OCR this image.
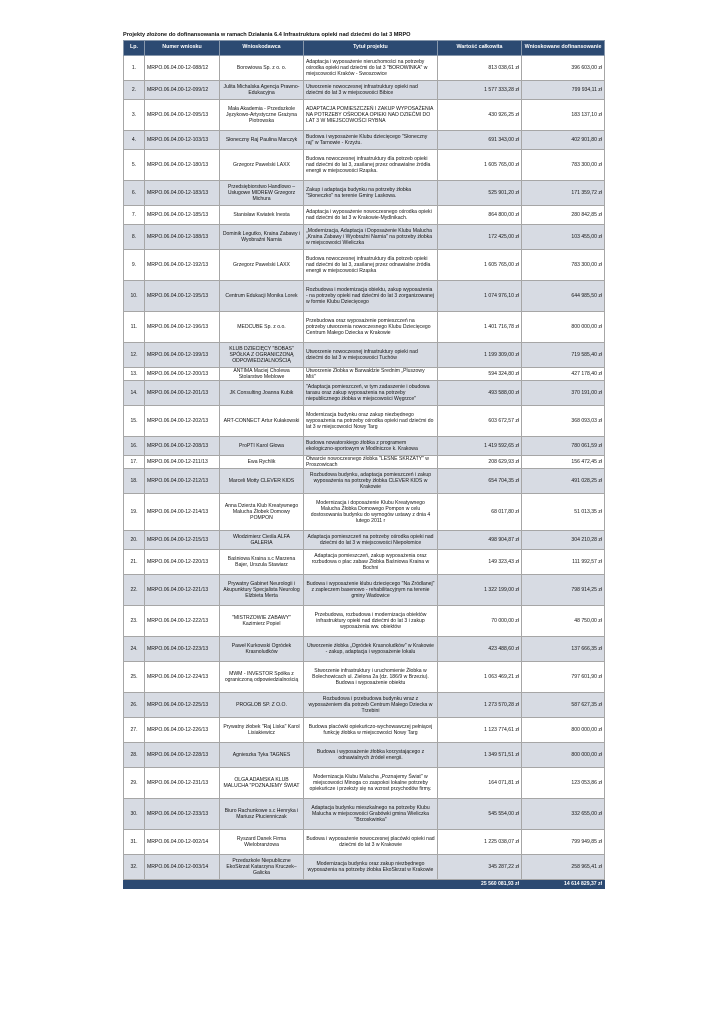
Projekty złożone do dofinansowania w ramach Działania 6.4 Infrastruktura opieki nad dziećmi do lat 3 MRPO
Lp.	Numer wniosku	Wnioskodawca	Tytuł projektu	Wartość całkowita	Wnioskowane dofinansowanie
1.	MRPO.06.04.00-12-088/12	Borowiowa Sp. z o. o.	Adaptacja i wyposażenie nieruchomości na potrzeby ośrodka opieki nad dziećmi do lat 3 "BOROWINKA" w miejscowości Kraków - Swoszowice	813 038,61 zł	396 603,00 zł
2.	MRPO.06.04.00-12-099/12	Julita Michalska Agencja Prawno-Edukacyjna	Utworzenie nowoczesnej infrastruktury opieki nad dziećmi do lat 3 w miejscowości Bibice	1 577 333,28 zł	799 934,11 zł
3.	MRPO.06.04.00-12-095/13	Mała Akademia - Przedszkole Językowo-Artystyczne Grażyna Piotrowska	ADAPTACJA POMIESZCZEŃ I ZAKUP WYPOSAŻENIA NA POTRZEBY OŚRODKA OPIEKI NAD DZIEĆMI DO LAT 3 W MIEJSCOWOŚCI RYBNA	430 926,25 zł	183 137,10 zł
4.	MRPO.06.04.00-12-103/13	Słoneczny Raj Paulina Marczyk	Budowa i wyposażenie Klubu dziecięcego "Słoneczny raj" w Tarnowie - Krzyżu.	691 343,00 zł	402 901,80 zł
5.	MRPO.06.04.00-12-180/13	Grzegorz Pawelski LAXX	Budowa nowoczesnej infrastruktury dla potrzeb opieki nad dziećmi do lat 3, zasilanej przez odnawialne źródła energii w miejscowości Rząska.	1 605 765,00 zł	783 300,00 zł
6.	MRPO.06.04.00-12-183/13	Przedsiębiorstwo Handlowo – Usługowe MIDREW Grzegorz Michura	Zakup i adaptacja budynku na potrzeby żłobka "Słoneczko" na terenie Gminy Laskowa.	525 901,20 zł	171 359,72 zł
7.	MRPO.06.04.00-12-185/13	Stanisław Kwiatek Inesta	Adaptacja i wyposażenie nowoczesnego ośrodka opieki nad dziećmi do lat 3 w Krakowie-Mydlnikach.	864 800,00 zł	280 842,85 zł
8.	MRPO.06.04.00-12-188/13	Dominik Legutko, Kraina Zabawy i Wyobraźni Narnia	„Modernizacja, Adaptacja i Doposażenie Klubu Malucha „Kraina Zabawy i Wyobraźni Narnia" na potrzeby żłobka w miejscowości Wieliczka	172 425,00 zł	103 455,00 zł
9.	MRPO.06.04.00-12-192/13	Grzegorz Pawelski LAXX	Budowa nowoczesnej infrastruktury dla potrzeb opieki nad dziećmi do lat 3, zasilanej przez odnawialne źródła energii w miejscowości Rząska	1 605 765,00 zł	783 300,00 zł
10.	MRPO.06.04.00-12-195/13	Centrum Edukacji Monika Lorek	Rozbudowa i modernizacja obiektu, zakup wyposażenia - na potrzeby opieki nad dziećmi do lat 3 zorganizowanej w formie Klubu Dziecięcego	1 074 976,10 zł	644 985,50 zł
11.	MRPO.06.04.00-12-196/13	MEDCUBE Sp. z o.o.	Przebudowa oraz wyposażenie pomieszczeń na potrzeby utworzenia nowoczesnego Klubu Dziecięcego Centrum Małego Dziecka w Krakowie	1 401 716,78 zł	800 000,00 zł
12.	MRPO.06.04.00-12-199/13	KLUB DZIECIĘCY "BOBAS" SPÓŁKA Z OGRANICZONĄ ODPOWIEDZIALNOŚCIĄ	Utworzenie nowoczesnej infrastruktury opieki nad dziećmi do lat 3 w miejscowości Tuchów	1 199 309,00 zł	719 585,40 zł
13.	MRPO.06.04.00-12-200/13	ANTIMA Maciej Cholewa Stolarstwo Meblowe	Utworzenie Żłobka w Barwałdzie Średnim „Pluszowy Miś"	594 324,80 zł	427 178,40 zł
14.	MRPO.06.04.00-12-201/13	JK Consulting Joanna Kubik	"Adaptacja pomieszczeń, w tym zadaszenie i obudowa tarasu oraz zakup wyposażenia na potrzeby niepublicznego żłobka w miejscowości Węgrzce"	493 588,00 zł	370 191,00 zł
15.	MRPO.06.04.00-12-202/13	ART-CONNECT Artur Kułakowski	Modernizacja budynku oraz zakup niezbędnego wyposażenia na potrzeby ośrodka opieki nad dziećmi do lat 3 w miejscowości Nowy Targ	603 672,57 zł	368 093,03 zł
16.	MRPO.06.04.00-12-208/13	ProPTI Karol Głowa	Budowa nowatorskiego żłobka z programem ekologiczno-sportowym w Modlniczce k. Krakowa	1 419 592,65 zł	780 061,59 zł
17.	MRPO.06.04.00-12-211/13	Ewa Rychlik	Otwarcie nowoczesnego żłobka "LEŚNE SKRZATY" w Proszowicach	208 629,93 zł	156 472,45 zł
18.	MRPO.06.04.00-12-212/13	Marceli Motty CLEVER KIDS	Rozbudowa budynku, adaptacja pomieszczeń i zakup wyposażenia na potrzeby żłobka CLEVER KIDS w Krakowie	654 704,35 zł	491 028,25 zł
19.	MRPO.06.04.00-12-214/13	Anna Dzierża Klub Kreatywnego Malucha Żłobek Domowy POMPON	Modernizacja i doposażenie Klubu Kreatywnego Malucha Żłobka Domowego Pompon w celu dostosowania budynku do wymogów ustawy z dnia 4 lutego 2011 r	68 017,80 zł	51 013,35 zł
20.	MRPO.06.04.00-12-215/13	Włodzimierz Cieśla ALFA GALERIA	Adaptacja pomieszczeń na potrzeby ośrodka opieki nad dziećmi do lat 3 w miejscowości Niepołomice	498 904,87 zł	304 210,28 zł
21.	MRPO.06.04.00-12-220/13	Baśniowa Kraina s.c Marzena Bajer, Urszula Stawiarz	Adaptacja pomieszczeń, zakup wyposażenia oraz rozbudowa o plac zabaw Żłobka Baśniowa Kraina w Bochni	149 323,43 zł	111 992,57 zł
22.	MRPO.06.04.00-12-221/13	Prywatny Gabinet Neurologii i Akupunktury Specjalista Neurolog Elżbieta Merta	Budowa i wyposażenie klubu dziecięcego "Na Zródlanej" z zapleczem basenowo - rehabilitacyjnym na terenie gminy Wadowice	1 322 199,00 zł	798 914,25 zł
23.	MRPO.06.04.00-12-222/13	"MISTRZOWIE ZABAWY" Kazimierz Popiel	Przebudowa, rozbudowa i modernizacja obiektów infrastruktury opieki nad dziećmi do lat 3 i zakup wyposażenia ww. obiektów	70 000,00 zł	48 750,00 zł
24.	MRPO.06.04.00-12-223/13	Paweł Kurkowski Ogródek Krasnoludków	Utworzenie żłobka „Ogródek Krasnoludków" w Krakowie - zakup, adaptacja i wyposażenie lokalu	423 488,60 zł	137 666,35 zł
25.	MRPO.06.04.00-12-224/13	MWM - INVESTOR Spółka z ograniczoną odpowiedzialnością	Stworzenie infrastruktury i uruchomienie Żłobka w Bolechowicach ul. Zielona 2a (dz. 186/9 w Brzeziu). Budowa i wyposażenie obiektu	1 063 469,21 zł	797 601,90 zł
26.	MRPO.06.04.00-12-225/13	PROGLOB SP. Z O.O.	Rozbudowa i przebudowa budynku wraz z wyposażeniem dla potrzeb Centrum Małego Dziecka w Trzebini	1 273 570,28 zł	587 627,35 zł
27.	MRPO.06.04.00-12-226/13	Prywatny żłobek "Raj Liska" Karol Lisiakiewicz	Budowa placówki opiekuńczo-wychowawczej pełniącej funkcję żłobka w miejscowości Nowy Targ	1 123 774,61 zł	800 000,00 zł
28.	MRPO.06.04.00-12-228/13	Agnieszka Tyka TAGNES	Budowa i wyposażenie żłobka korzystającego z odnawialnych źródeł energii.	1 349 571,51 zł	800 000,00 zł
29.	MRPO.06.04.00-12-231/13	OLGA ADAMSKA KLUB MALUCHA "POZNAJEMY ŚWIAT	Modernizacja Klubu Malucha „Poznajemy Świat" w miejscowości Minoga co zaspokoi lokalne potrzeby opiekuńcze i przełoży się na wzrost przychodów firmy.	164 071,81 zł	123 053,86 zł
30.	MRPO.06.04.00-12-233/13	Biuro Rachunkowe s.c Henryka i Mariusz Płucienniczak	Adaptacja budynku mieszkalnego na potrzeby Klubu Malucha w miejscowości Grabówki gmina Wieliczka "Brzoskwinka"	545 554,00 zł	332 655,00 zł
31.	MRPO.06.04.00-12-002/14	Ryszard Danek Firma Wielobranżowa	Budowa i wyposażenie nowoczesnej placówki opieki nad dziećmi do lat 3 w Krakowie	1 225 038,07 zł	799 949,85 zł
32.	MRPO.06.04.00-12-003/14	Przedszkole Niepubliczne EkoSkrzat Katarzyna Kruczek–Galicka	Modernizacja budynku oraz zakup niezbędnego wyposażenia na potrzeby żłobka EkoSkrzat w Krakowie	345 287,22 zł	258 965,41 zł
				25 560 081,93 zł	14 614 829,37 zł
